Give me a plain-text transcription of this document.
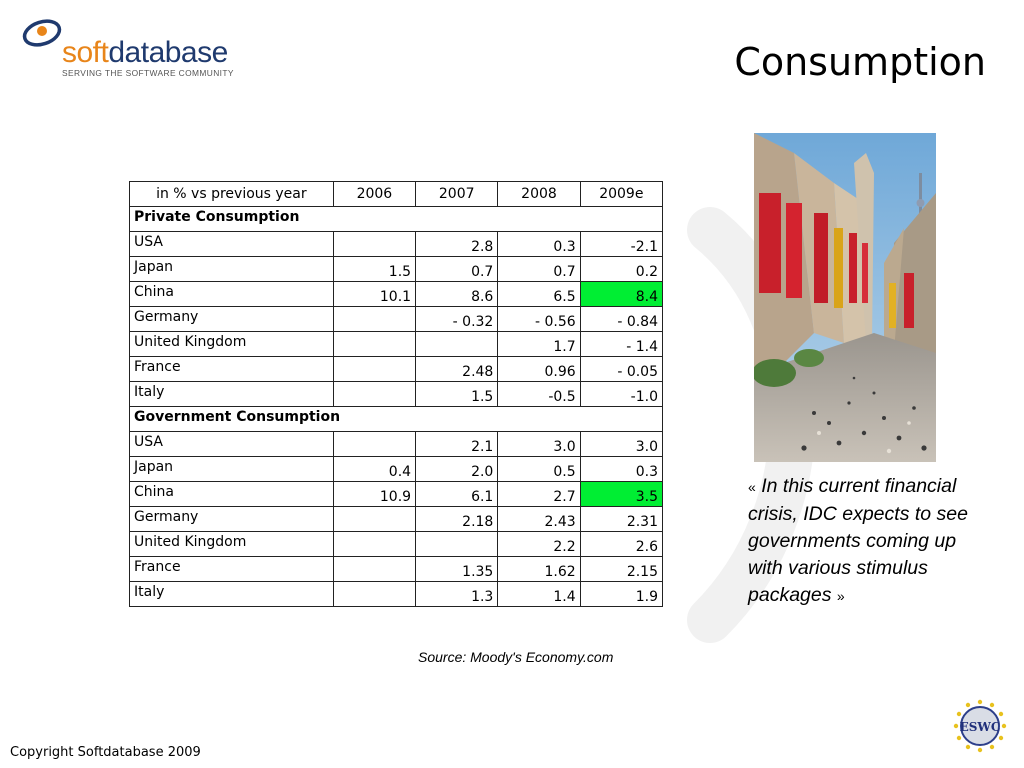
softdatabase
SERVING THE SOFTWARE COMMUNITY	Consumption
in % vs previous year	2006	2007	2008	2009e
Private Consumption				
USA		2.8	0.3	-2.1
Japan	1.5	0.7	0.7	0.2
China	10.1	8.6	6.5	8.4
Germany		- 0.32	- 0.56	- 0.84
United Kingdom			1.7	- 1.4
France		2.48	0.96	- 0.05
Italy		1.5	-0.5	-1.0
Government Consumption				
USA		2.1	3.0	3.0
Japan	0.4	2.0	0.5	0.3
China	10.9	6.1	2.7	3.5
Germany		2.18	2.43	2.31
United Kingdom			2.2	2.6
France		1.35	1.62	2.15
Italy		1.3	1.4	1.9
Source: Moody's Economy.com
« In this current financial crisis, IDC expects to see governments coming up with various stimulus packages »
Copyright Softdatabase 2009
ESWC
